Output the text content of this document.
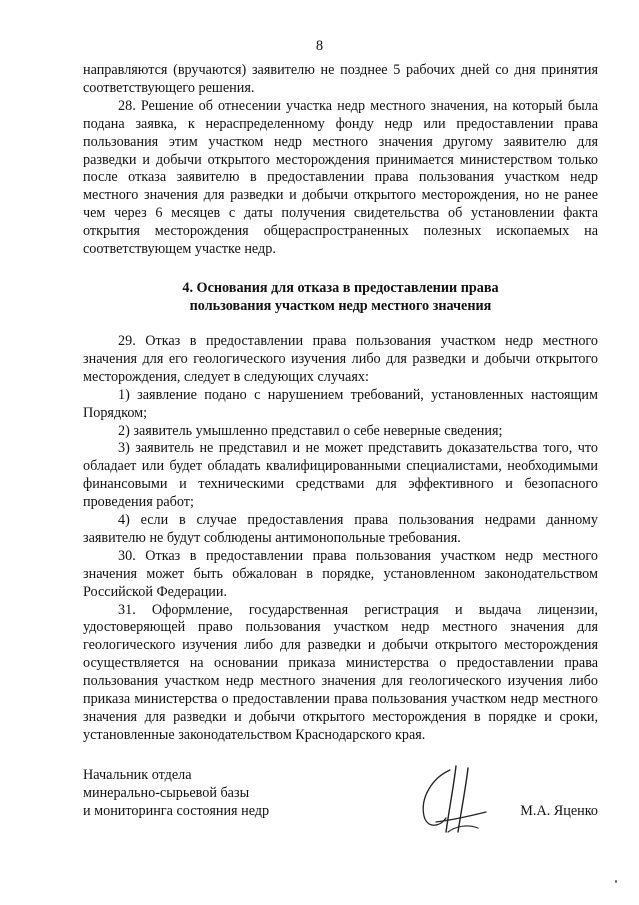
8

направляются (вручаются) заявителю не позднее 5 рабочих дней со дня принятия соответствующего решения.

28. Решение об отнесении участка недр местного значения, на который была подана заявка, к нераспределенному фонду недр или предоставлении права пользования этим участком недр местного значения другому заявителю для разведки и добычи открытого месторождения принимается министерством только после отказа заявителю в предоставлении права пользования участком недр местного значения для разведки и добычи открытого месторождения, но не ранее чем через 6 месяцев с даты получения свидетельства об установлении факта открытия месторождения общераспространенных полезных ископаемых на соответствующем участке недр.

4. Основания для отказа в предоставлении права
пользования участком недр местного значения

29. Отказ в предоставлении права пользования участком недр местного значения для его геологического изучения либо для разведки и добычи открытого месторождения, следует в следующих случаях:

1) заявление подано с нарушением требований, установленных настоящим Порядком;

2) заявитель умышленно представил о себе неверные сведения;

3) заявитель не представил и не может представить доказательства того, что обладает или будет обладать квалифицированными специалистами, необходимыми финансовыми и техническими средствами для эффективного и безопасного проведения работ;

4) если в случае предоставления права пользования недрами данному заявителю не будут соблюдены антимонопольные требования.

30. Отказ в предоставлении права пользования участком недр местного значения может быть обжалован в порядке, установленном законодательством Российской Федерации.

31. Оформление, государственная регистрация и выдача лицензии, удостоверяющей право пользования участком недр местного значения для геологического изучения либо для разведки и добычи открытого месторождения осуществляется на основании приказа министерства о предоставлении права пользования участком недр местного значения для геологического изучения либо приказа министерства о предоставлении права пользования участком недр местного значения для разведки и добычи открытого месторождения в порядке и сроки, установленные законодательством Краснодарского края.

Начальник отдела
минерально-сырьевой базы
и мониторинга состояния недр	М.А. Яценко
